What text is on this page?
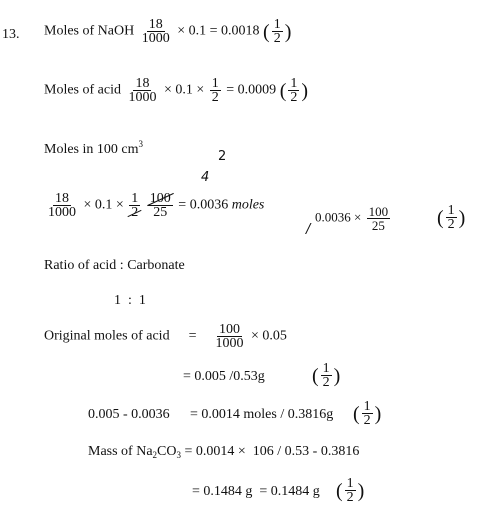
13. Moles of NaOH $\frac{18}{1000} \times 0.1 = 0.0018$ ( $\frac{1}{2}$ )
Moles of acid $\frac{18}{1000} \times 0.1 \times \frac{1}{2} = 0.0009$ ( $\frac{1}{2}$ )
Moles in 100 $cm^3$
2
4
/
$\frac{18}{1000} \times 0.1 \times \frac{1}{2}$
$\frac{100}{25} = 0.0036$ moles
$0.0036 \times \frac{100}{25}$ ( $\frac{1}{2}$ )
Ratio of acid : Carbonate
1  :  1
Original moles of acid = $\frac{100}{1000} \times 0.05$
= 0.005 /0.53g ( $\frac{1}{2}$ )
0.005 - 0.0036 = 0.0014 moles / 0.3816g ( $\frac{1}{2}$ )
Mass of $Na_2CO_3 = 0.0014 \times 106 / 0.53 - 0.3816$
= 0.1484 g  = 0.1484 g ( $\frac{1}{2}$ )
